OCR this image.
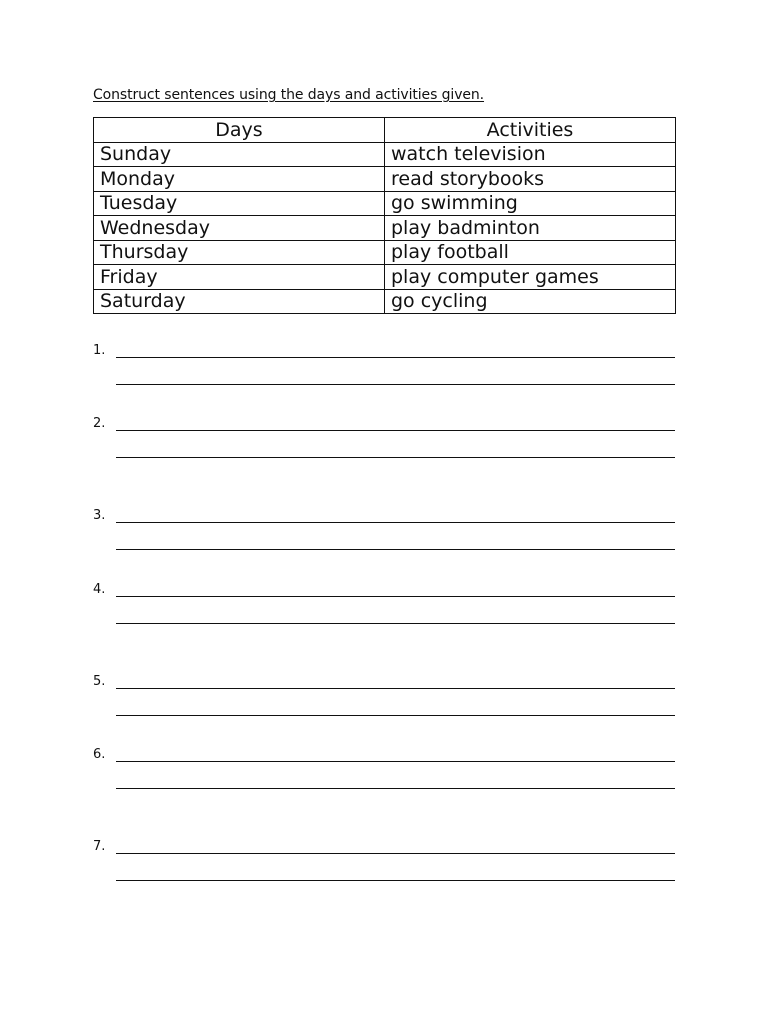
Construct sentences using the days and activities given.
Days	Activities
Sunday	watch television
Monday	read storybooks
Tuesday	go swimming
Wednesday	play badminton
Thursday	play football
Friday	play computer games
Saturday	go cycling
1.
2.
3.
4.
5.
6.
7.
